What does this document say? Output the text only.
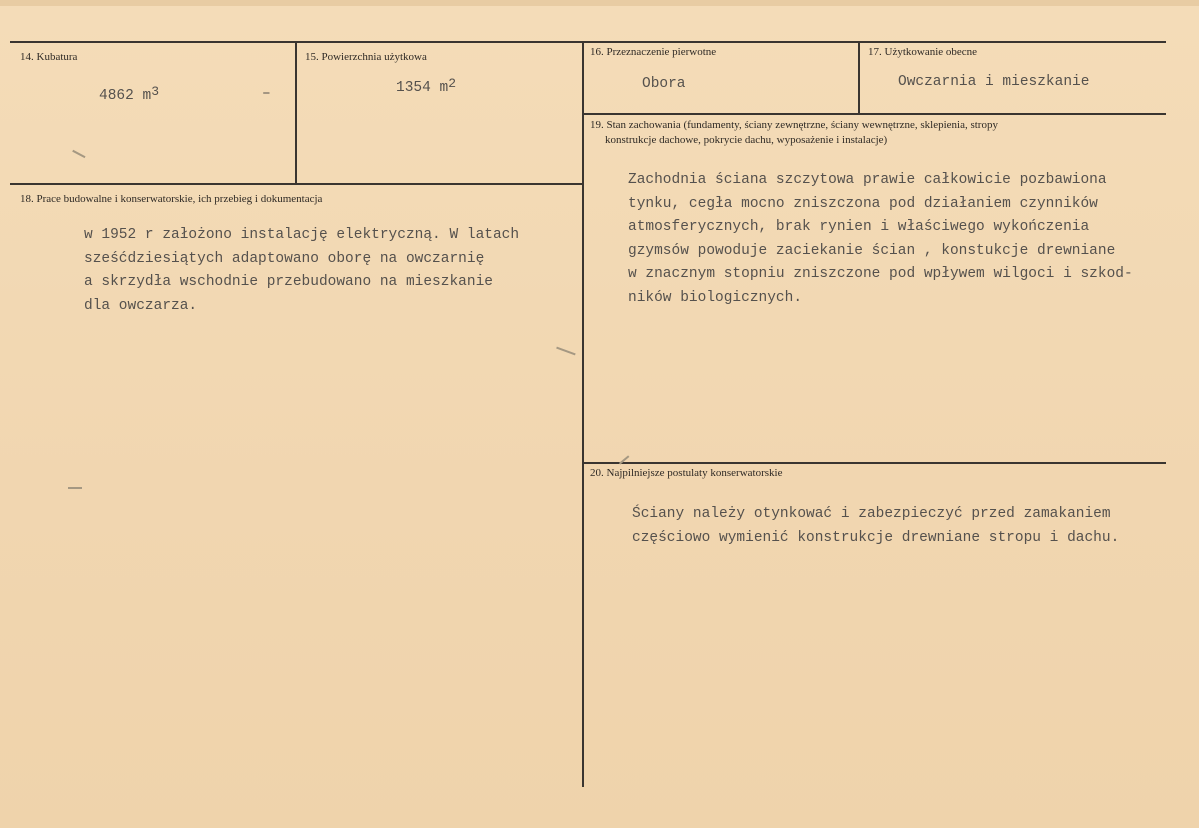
14. Kubatura
4862 $m^3$	–
15. Powierzchnia użytkowa
1354 $m^2$
16. Przeznaczenie pierwotne
Obora
17. Użytkowanie obecne
Owczarnia i mieszkanie
18. Prace budowalne i konserwatorskie, ich przebieg i dokumentacja
w 1952 r założono instalację elektryczną. W latach
sześćdziesiątych adaptowano oborę na owczarnię
a skrzydła wschodnie przebudowano na mieszkanie
dla owczarza.
19. Stan zachowania (fundamenty, ściany zewnętrzne, ściany wewnętrzne, sklepienia, stropy
konstrukcje dachowe, pokrycie dachu, wyposażenie i instalacje)
Zachodnia ściana szczytowa prawie całkowicie pozbawiona
tynku, cegła mocno zniszczona pod działaniem czynników
atmosferycznych, brak rynien i właściwego wykończenia
gzymsów powoduje zaciekanie ścian , konstukcje drewniane
w znacznym stopniu zniszczone pod wpływem wilgoci i szkod-
ników biologicznych.
20. Najpilniejsze postulaty konserwatorskie
Ściany należy otynkować i zabezpieczyć przed zamakaniem
częściowo wymienić konstrukcje drewniane stropu i dachu.
